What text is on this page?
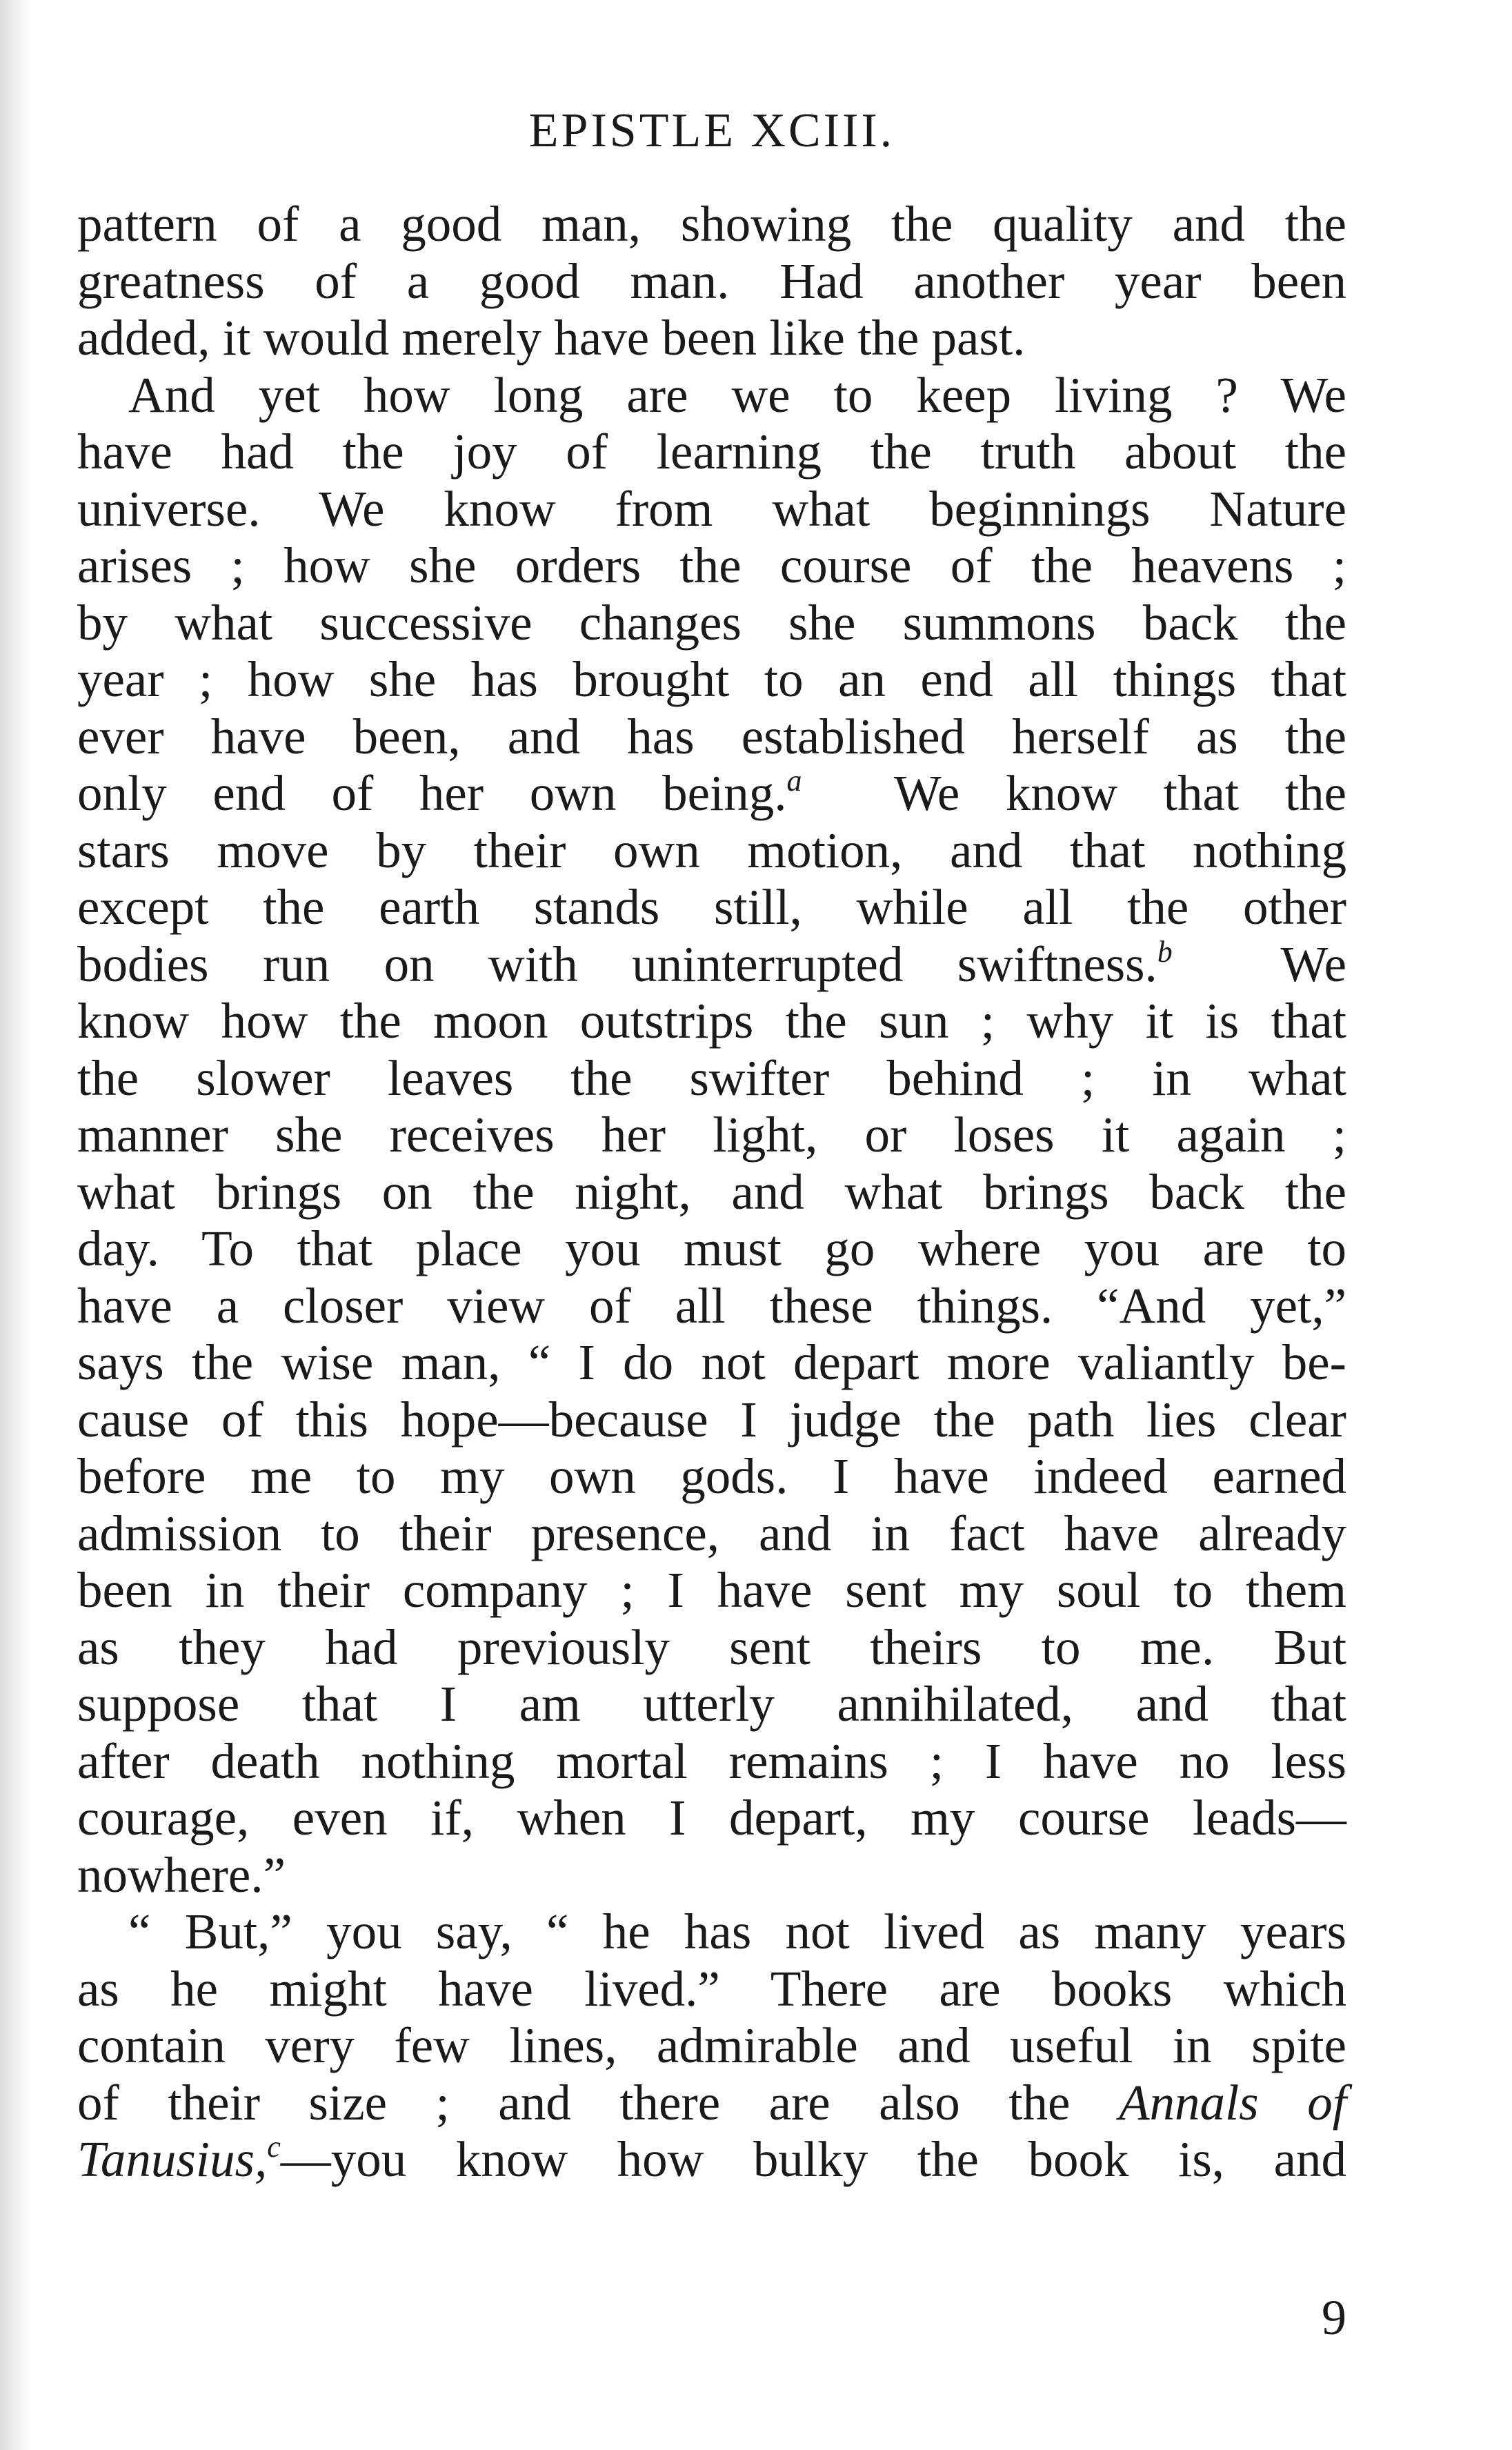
EPISTLE XCIII.

pattern of a good man, showing the quality and the

greatness of a good man. Had another year been

added, it would merely have been like the past.

And yet how long are we to keep living ? We

have had the joy of learning the truth about the

universe. We know from what beginnings Nature

arises ; how she orders the course of the heavens ;

by what successive changes she summons back the

year ; how she has brought to an end all things that

ever have been, and has established herself as the

only end of her own being.$^a$ We know that the

stars move by their own motion, and that nothing

except the earth stands still, while all the other

bodies run on with uninterrupted swiftness.$^b$ We

know how the moon outstrips the sun ; why it is that

the slower leaves the swifter behind ; in what

manner she receives her light, or loses it again ;

what brings on the night, and what brings back the

day. To that place you must go where you are to

have a closer view of all these things. “And yet,”

says the wise man, “ I do not depart more valiantly be-

cause of this hope—because I judge the path lies clear

before me to my own gods. I have indeed earned

admission to their presence, and in fact have already

been in their company ; I have sent my soul to them

as they had previously sent theirs to me. But

suppose that I am utterly annihilated, and that

after death nothing mortal remains ; I have no less

courage, even if, when I depart, my course leads—

nowhere.”

“ But,” you say, “ he has not lived as many years

as he might have lived.” There are books which

contain very few lines, admirable and useful in spite

of their size ; and there are also the Annals of

Tanusius,$^c$—you know how bulky the book is, and

9
